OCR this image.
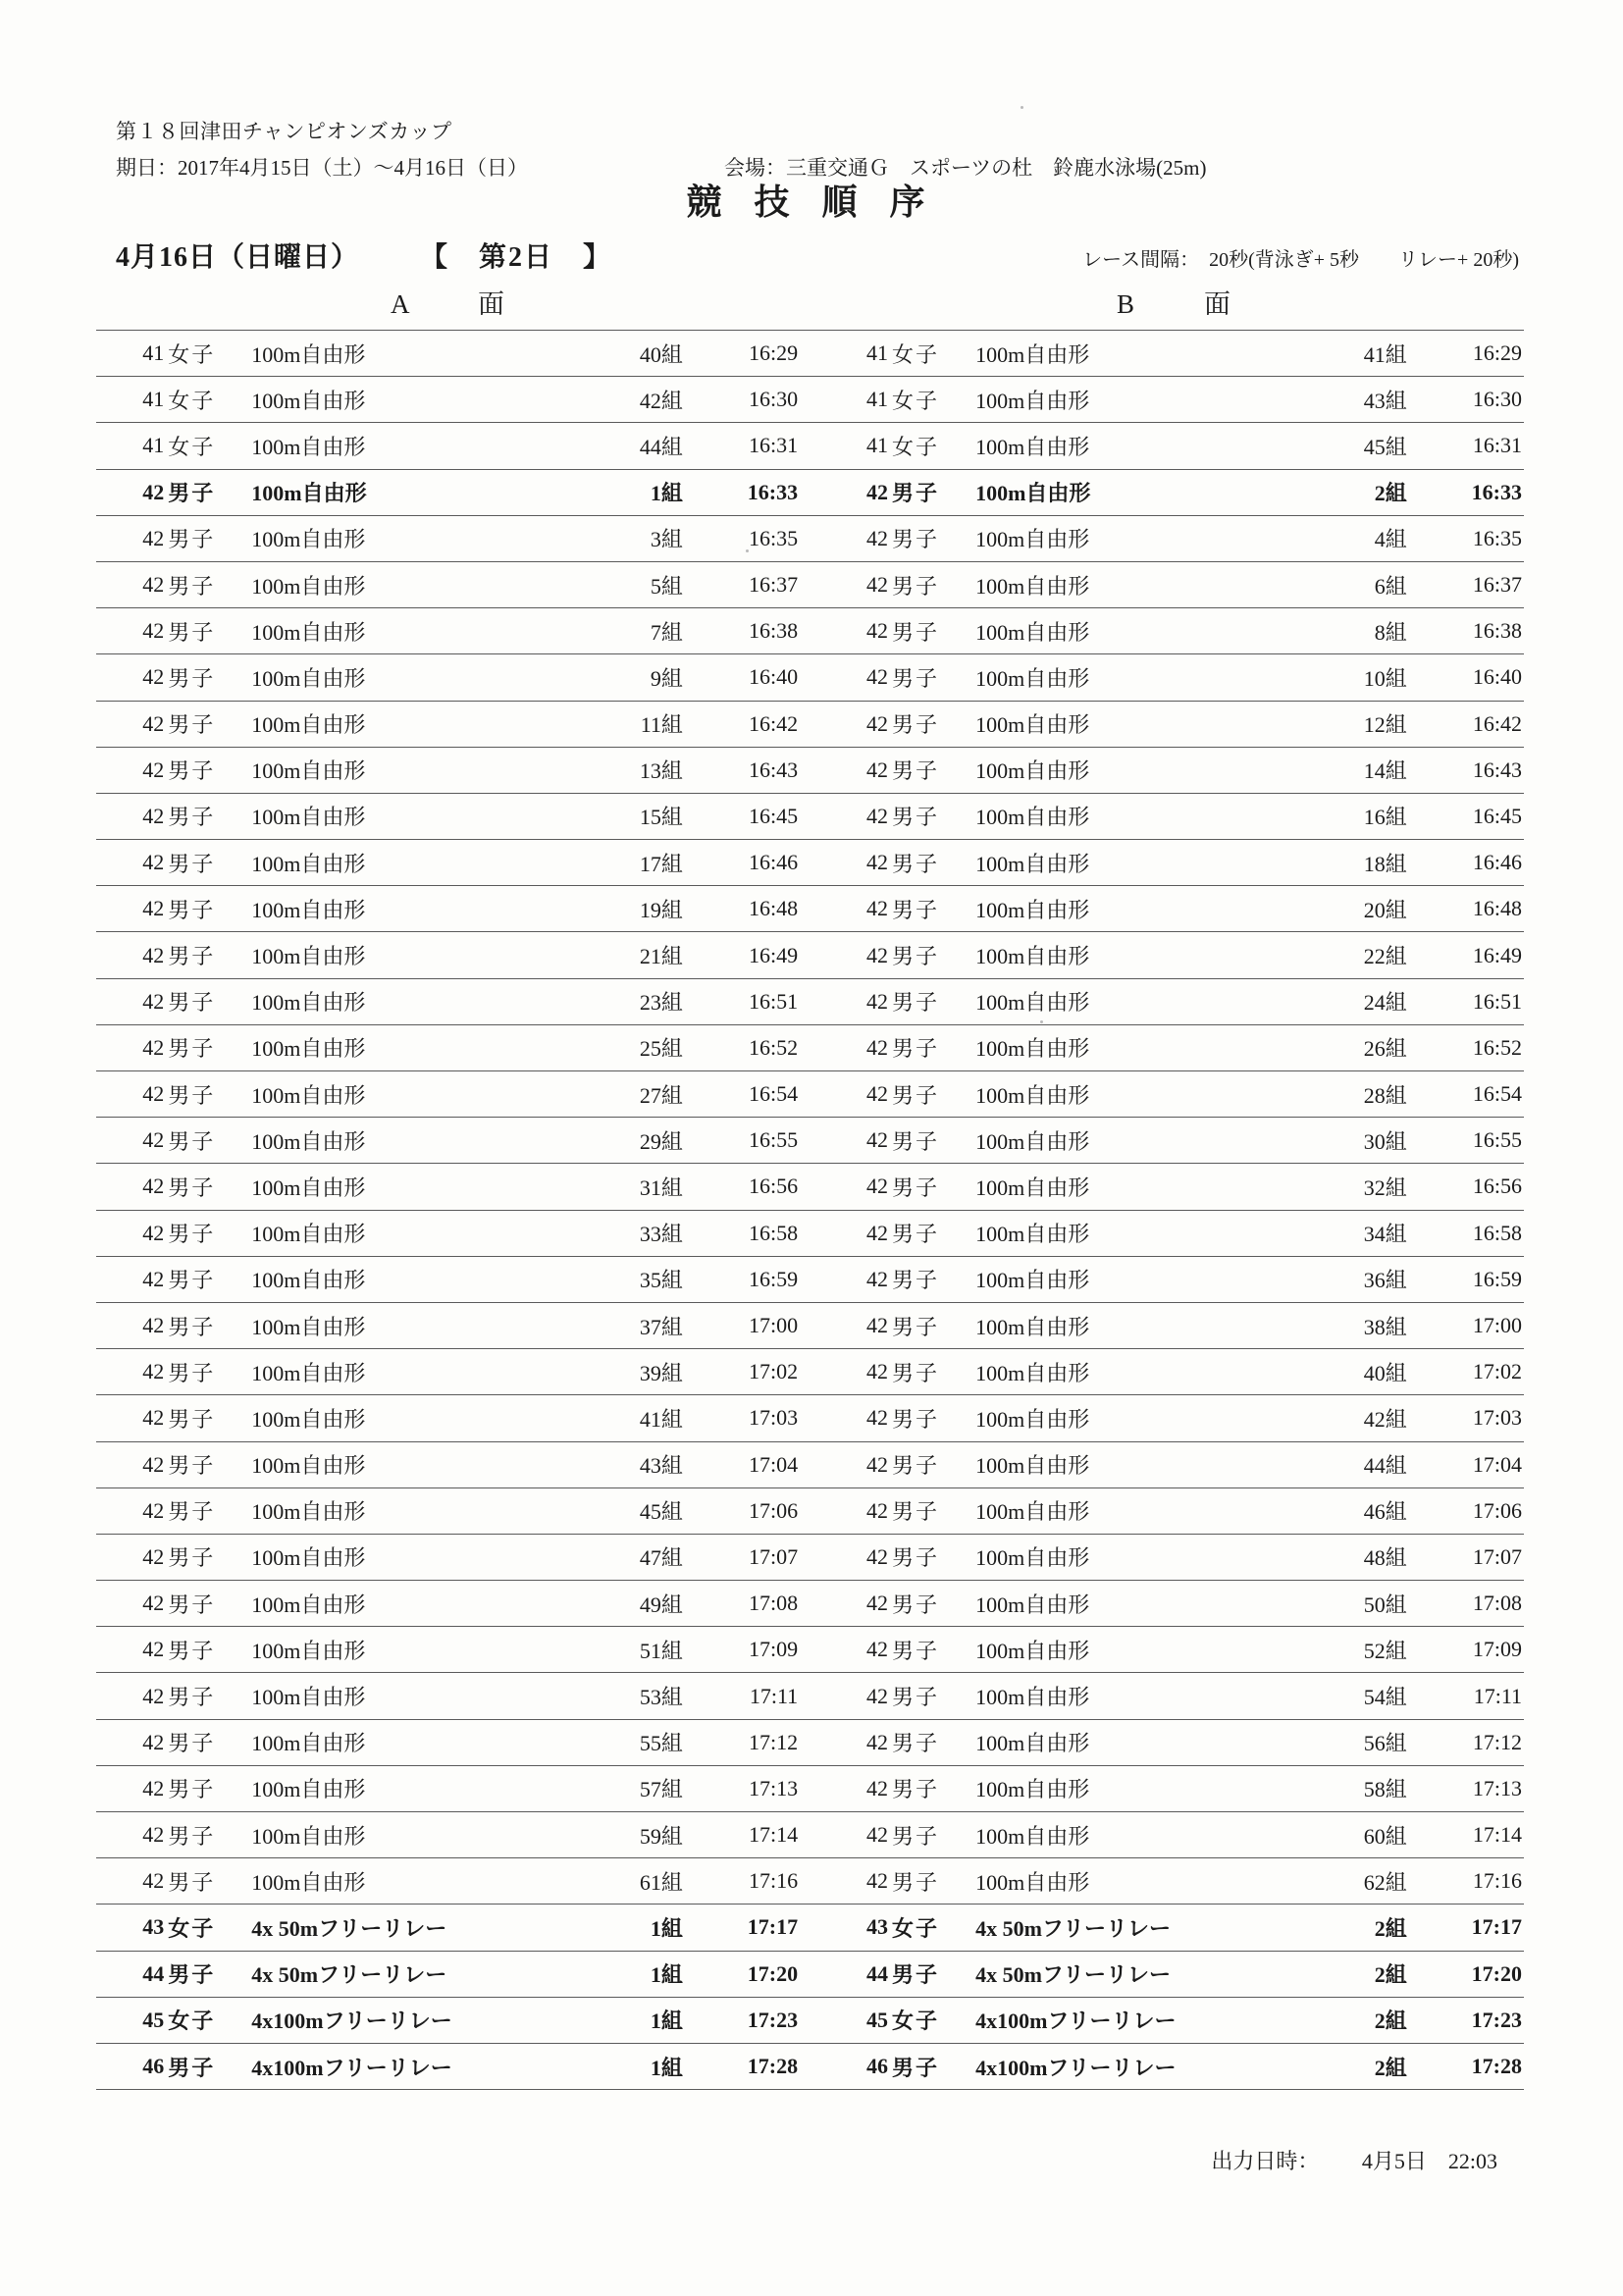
第１８回津田チャンピオンズカップ
期日：2017年4月15日（土）～4月16日（日）	会場：三重交通Ｇ　スポーツの杜　鈴鹿水泳場(25m)
競 技 順 序
4月16日（日曜日） 【　第2日　】	レース間隔：　20秒(背泳ぎ+ 5秒　　リレー+ 20秒)
A　面	B　面
41	女子	100m自由形	40組	16:29		41	女子	100m自由形	41組	16:29
41	女子	100m自由形	42組	16:30		41	女子	100m自由形	43組	16:30
41	女子	100m自由形	44組	16:31		41	女子	100m自由形	45組	16:31
42	男子	100m自由形	1組	16:33		42	男子	100m自由形	2組	16:33
42	男子	100m自由形	3組	16:35		42	男子	100m自由形	4組	16:35
42	男子	100m自由形	5組	16:37		42	男子	100m自由形	6組	16:37
42	男子	100m自由形	7組	16:38		42	男子	100m自由形	8組	16:38
42	男子	100m自由形	9組	16:40		42	男子	100m自由形	10組	16:40
42	男子	100m自由形	11組	16:42		42	男子	100m自由形	12組	16:42
42	男子	100m自由形	13組	16:43		42	男子	100m自由形	14組	16:43
42	男子	100m自由形	15組	16:45		42	男子	100m自由形	16組	16:45
42	男子	100m自由形	17組	16:46		42	男子	100m自由形	18組	16:46
42	男子	100m自由形	19組	16:48		42	男子	100m自由形	20組	16:48
42	男子	100m自由形	21組	16:49		42	男子	100m自由形	22組	16:49
42	男子	100m自由形	23組	16:51		42	男子	100m自由形	24組	16:51
42	男子	100m自由形	25組	16:52		42	男子	100m自由形	26組	16:52
42	男子	100m自由形	27組	16:54		42	男子	100m自由形	28組	16:54
42	男子	100m自由形	29組	16:55		42	男子	100m自由形	30組	16:55
42	男子	100m自由形	31組	16:56		42	男子	100m自由形	32組	16:56
42	男子	100m自由形	33組	16:58		42	男子	100m自由形	34組	16:58
42	男子	100m自由形	35組	16:59		42	男子	100m自由形	36組	16:59
42	男子	100m自由形	37組	17:00		42	男子	100m自由形	38組	17:00
42	男子	100m自由形	39組	17:02		42	男子	100m自由形	40組	17:02
42	男子	100m自由形	41組	17:03		42	男子	100m自由形	42組	17:03
42	男子	100m自由形	43組	17:04		42	男子	100m自由形	44組	17:04
42	男子	100m自由形	45組	17:06		42	男子	100m自由形	46組	17:06
42	男子	100m自由形	47組	17:07		42	男子	100m自由形	48組	17:07
42	男子	100m自由形	49組	17:08		42	男子	100m自由形	50組	17:08
42	男子	100m自由形	51組	17:09		42	男子	100m自由形	52組	17:09
42	男子	100m自由形	53組	17:11		42	男子	100m自由形	54組	17:11
42	男子	100m自由形	55組	17:12		42	男子	100m自由形	56組	17:12
42	男子	100m自由形	57組	17:13		42	男子	100m自由形	58組	17:13
42	男子	100m自由形	59組	17:14		42	男子	100m自由形	60組	17:14
42	男子	100m自由形	61組	17:16		42	男子	100m自由形	62組	17:16
43	女子	4x 50mフリーリレー	1組	17:17		43	女子	4x 50mフリーリレー	2組	17:17
44	男子	4x 50mフリーリレー	1組	17:20		44	男子	4x 50mフリーリレー	2組	17:20
45	女子	4x100mフリーリレー	1組	17:23		45	女子	4x100mフリーリレー	2組	17:23
46	男子	4x100mフリーリレー	1組	17:28		46	男子	4x100mフリーリレー	2組	17:28
出力日時： 4月5日　22:03
